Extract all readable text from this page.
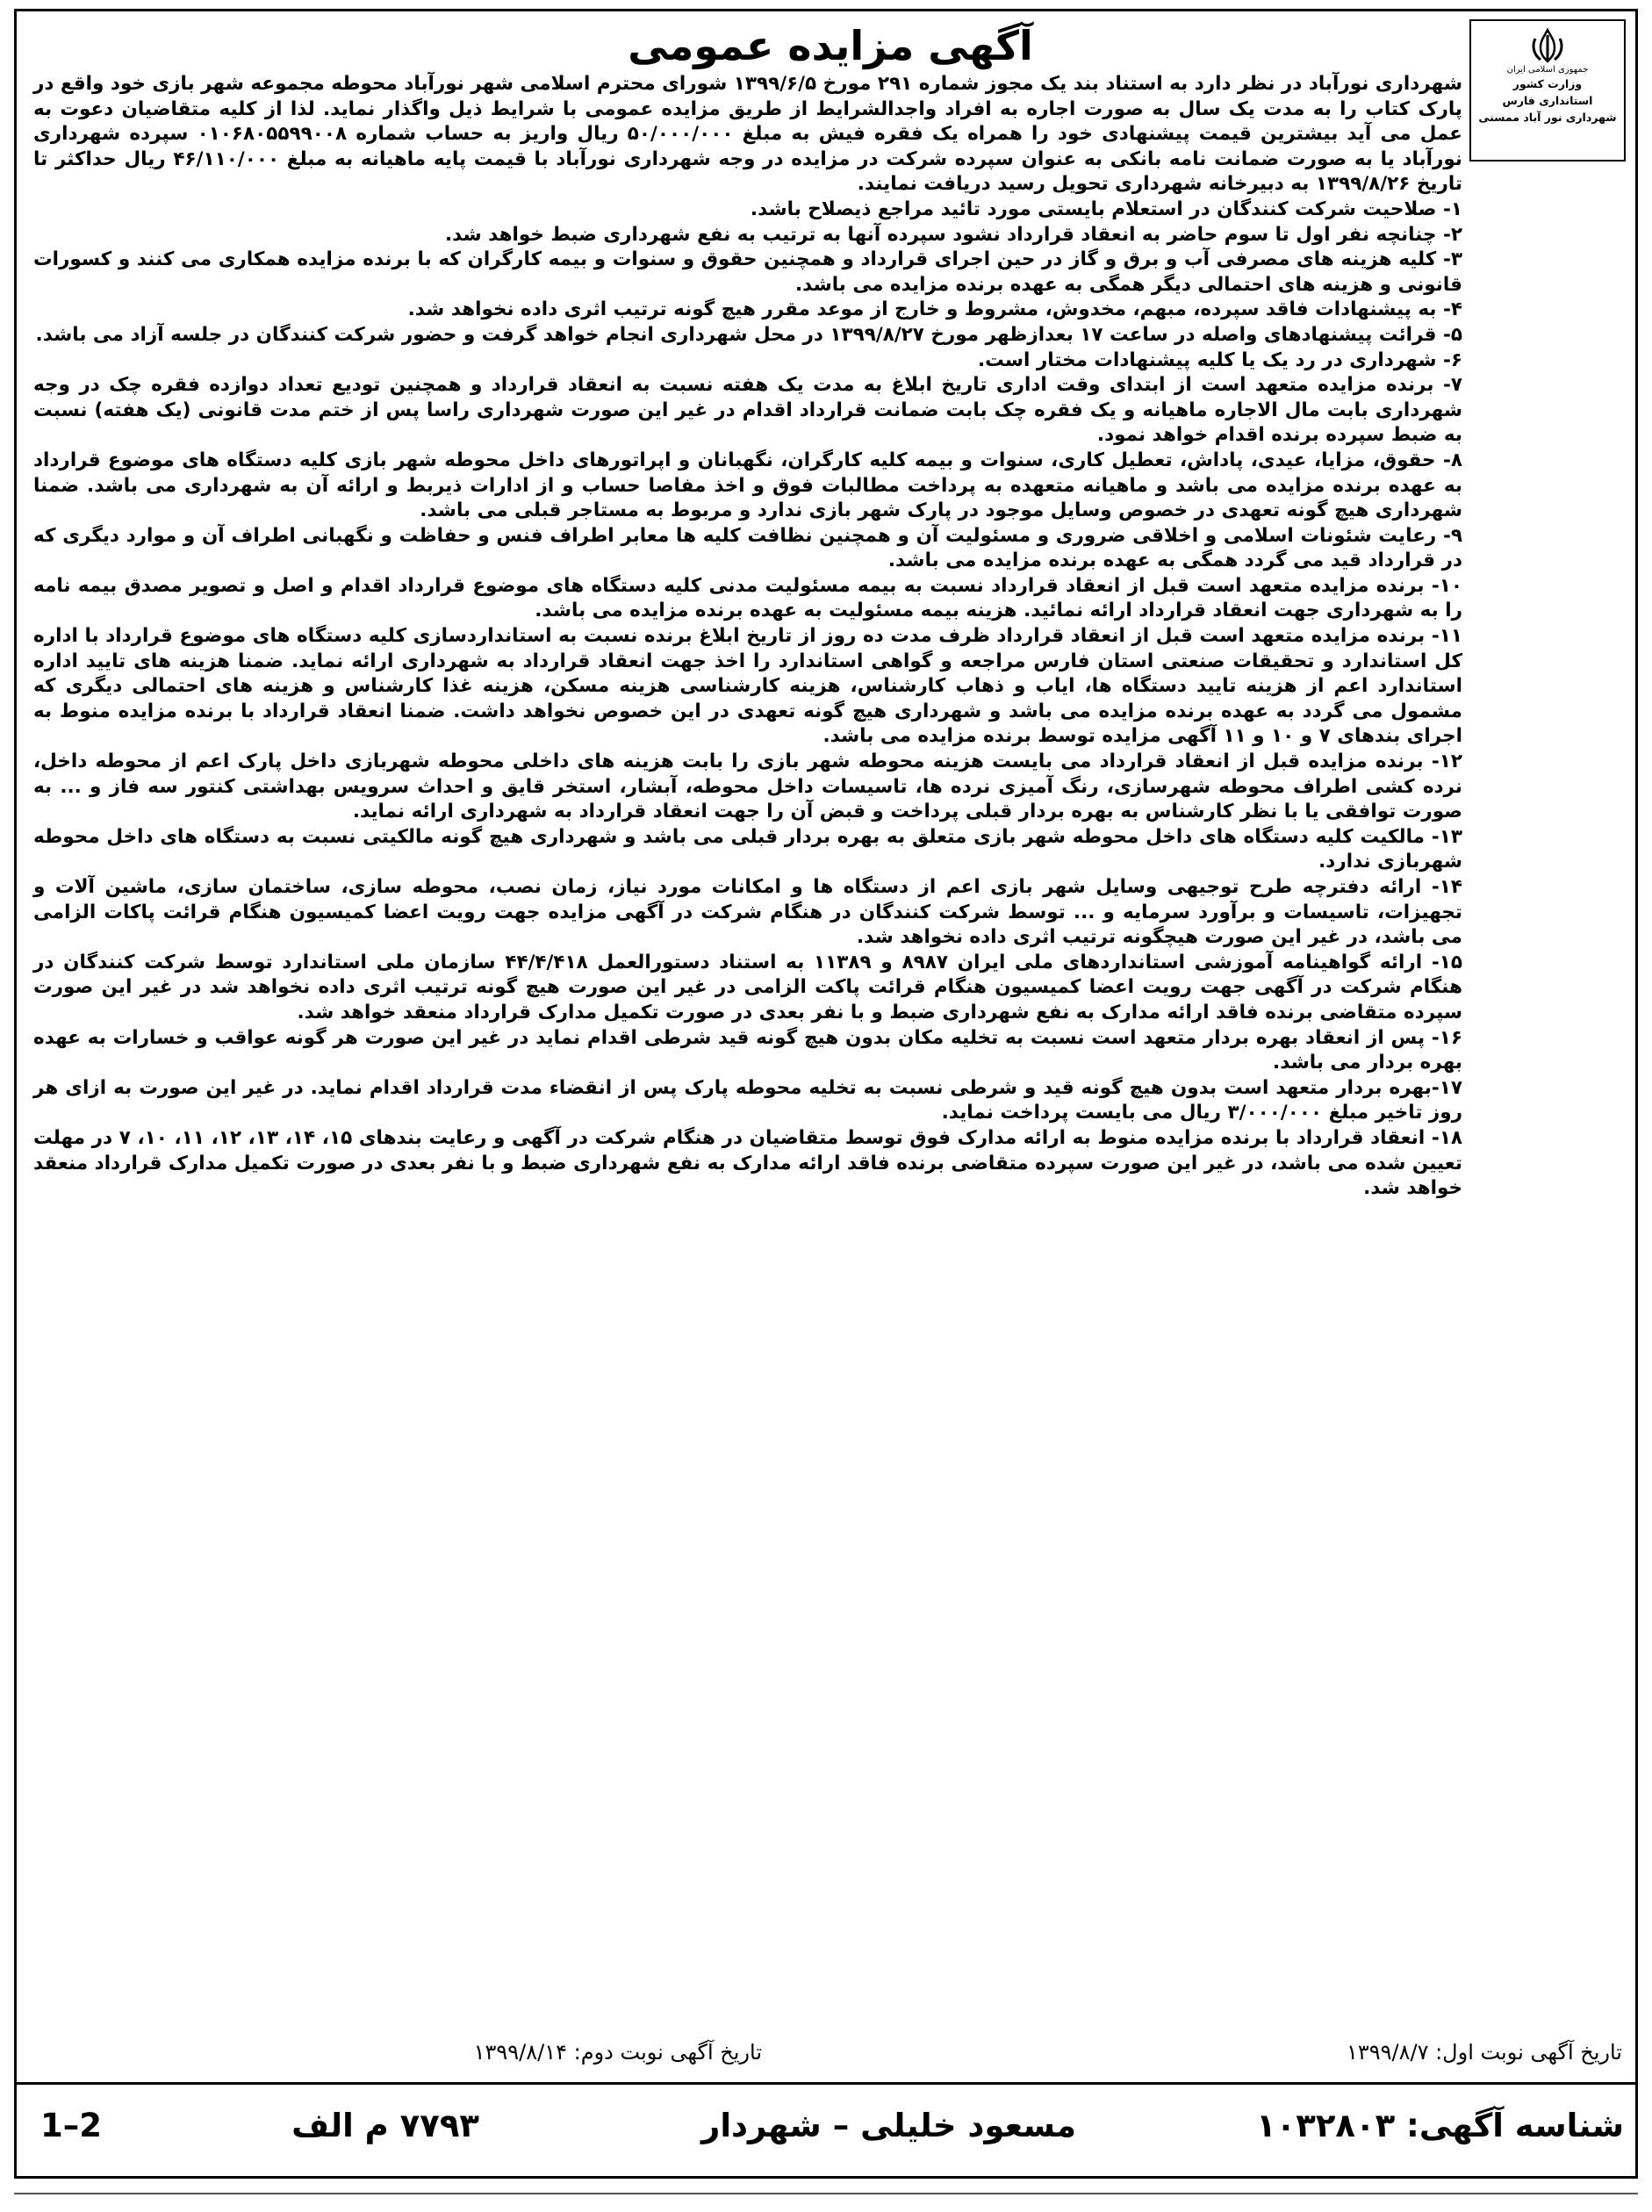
جمهوری اسلامی ایران
وزارت کشور
استانداری فارس
شهرداری نور آباد ممسنی
آگهی مزایده عمومی

شهرداری نورآباد در نظر دارد به استناد بند یک مجوز شماره ۲۹۱ مورخ ۱۳۹۹/۶/۵ شورای محترم اسلامی شهر نورآباد محوطه مجموعه شهر بازی خود واقع در پارک کتاب را به مدت یک سال به صورت اجاره به افراد واجدالشرایط از طریق مزایده عمومی با شرایط ذیل واگذار نماید. لذا از کلیه متقاضیان دعوت به عمل می آید بیشترین قیمت پیشنهادی خود را همراه یک فقره فیش به مبلغ ۵۰/۰۰۰/۰۰۰ ریال واریز به حساب شماره ۰۱۰۶۸۰۵۵۹۹۰۰۸ سپرده شهرداری نورآباد یا به صورت ضمانت نامه بانکی به عنوان سپرده شرکت در مزایده در وجه شهرداری نورآباد با قیمت پایه ماهیانه به مبلغ ۴۶/۱۱۰/۰۰۰ ریال حداکثر تا تاریخ ۱۳۹۹/۸/۲۶ به دبیرخانه شهرداری تحویل رسید دریافت نمایند.

۱- صلاحیت شرکت کنندگان در استعلام بایستی مورد تائید مراجع ذیصلاح باشد.

۲- چنانچه نفر اول تا سوم حاضر به انعقاد قرارداد نشود سپرده آنها به ترتیب به نفع شهرداری ضبط خواهد شد.

۳- کلیه هزینه های مصرفی آب و برق و گاز در حین اجرای قرارداد و همچنین حقوق و سنوات و بیمه کارگران که با برنده مزایده همکاری می کنند و کسورات قانونی و هزینه های احتمالی دیگر همگی به عهده برنده مزایده می باشد.

۴- به پیشنهادات فاقد سپرده، مبهم، مخدوش، مشروط و خارج از موعد مقرر هیچ گونه ترتیب اثری داده نخواهد شد.

۵- قرائت پیشنهادهای واصله در ساعت ۱۷ بعدازظهر مورخ ۱۳۹۹/۸/۲۷ در محل شهرداری انجام خواهد گرفت و حضور شرکت کنندگان در جلسه آزاد می باشد.

۶- شهرداری در رد یک یا کلیه پیشنهادات مختار است.

۷- برنده مزایده متعهد است از ابتدای وقت اداری تاریخ ابلاغ به مدت یک هفته نسبت به انعقاد قرارداد و همچنین تودیع تعداد دوازده فقره چک در وجه شهرداری بابت مال الاجاره ماهیانه و یک فقره چک بابت ضمانت قرارداد اقدام در غیر این صورت شهرداری راسا پس از ختم مدت قانونی (یک هفته) نسبت به ضبط سپرده برنده اقدام خواهد نمود.

۸- حقوق، مزایا، عیدی، پاداش، تعطیل کاری، سنوات و بیمه کلیه کارگران، نگهبانان و اپراتورهای داخل محوطه شهر بازی کلیه دستگاه های موضوع قرارداد به عهده برنده مزایده می باشد و ماهیانه متعهده به پرداخت مطالبات فوق و اخذ مفاصا حساب و از ادارات ذیربط و ارائه آن به شهرداری می باشد. ضمنا شهرداری هیچ گونه تعهدی در خصوص وسایل موجود در پارک شهر بازی ندارد و مربوط به مستاجر قبلی می باشد.

۹- رعایت شئونات اسلامی و اخلاقی ضروری و مسئولیت آن و همچنین نظافت کلیه ها معابر اطراف فنس و حفاظت و نگهبانی اطراف آن و موارد دیگری که در قرارداد قید می گردد همگی به عهده برنده مزایده می باشد.

۱۰- برنده مزایده متعهد است قبل از انعقاد قرارداد نسبت به بیمه مسئولیت مدنی کلیه دستگاه های موضوع قرارداد اقدام و اصل و تصویر مصدق بیمه نامه را به شهرداری جهت انعقاد قرارداد ارائه نمائید. هزینه بیمه مسئولیت به عهده برنده مزایده می باشد.

۱۱- برنده مزایده متعهد است قبل از انعقاد قرارداد ظرف مدت ده روز از تاریخ ابلاغ برنده نسبت به استانداردسازی کلیه دستگاه های موضوع قرارداد با اداره کل استاندارد و تحقیقات صنعتی استان فارس مراجعه و گواهی استاندارد را اخذ جهت انعقاد قرارداد به شهرداری ارائه نماید. ضمنا هزینه های تایید اداره استاندارد اعم از هزینه تایید دستگاه ها، ایاب و ذهاب کارشناس، هزینه کارشناسی هزینه مسکن، هزینه غذا کارشناس و هزینه های احتمالی دیگری که مشمول می گردد به عهده برنده مزایده می باشد و شهرداری هیچ گونه تعهدی در این خصوص نخواهد داشت. ضمنا انعقاد قرارداد با برنده مزایده منوط به اجرای بندهای ۷ و ۱۰ و ۱۱ آگهی مزایده توسط برنده مزایده می باشد.

۱۲- برنده مزایده قبل از انعقاد قرارداد می بایست هزینه محوطه شهر بازی را بابت هزینه های داخلی محوطه شهربازی داخل پارک اعم از محوطه داخل، نرده کشی اطراف محوطه شهرسازی، رنگ آمیزی نرده ها، تاسیسات داخل محوطه، آبشار، استخر قایق و احداث سرویس بهداشتی کنتور سه فاز و ... به صورت توافقی یا با نظر کارشناس به بهره بردار قبلی پرداخت و قبض آن را جهت انعقاد قرارداد به شهرداری ارائه نماید.

۱۳- مالکیت کلیه دستگاه های داخل محوطه شهر بازی متعلق به بهره بردار قبلی می باشد و شهرداری هیچ گونه مالکیتی نسبت به دستگاه های داخل محوطه شهربازی ندارد.

۱۴- ارائه دفترچه طرح توجیهی وسایل شهر بازی اعم از دستگاه ها و امکانات مورد نیاز، زمان نصب، محوطه سازی، ساختمان سازی، ماشین آلات و تجهیزات، تاسیسات و برآورد سرمایه و ... توسط شرکت کنندگان در هنگام شرکت در آگهی مزایده جهت رویت اعضا کمیسیون هنگام قرائت پاکات الزامی می باشد، در غیر این صورت هیچگونه ترتیب اثری داده نخواهد شد.

۱۵- ارائه گواهینامه آموزشی استانداردهای ملی ایران ۸۹۸۷ و ۱۱۳۸۹ به استناد دستورالعمل ۴۴/۴/۴۱۸ سازمان ملی استاندارد توسط شرکت کنندگان در هنگام شرکت در آگهی جهت رویت اعضا کمیسیون هنگام قرائت پاکت الزامی در غیر این صورت هیچ گونه ترتیب اثری داده نخواهد شد در غیر این صورت سپرده متقاضی برنده فاقد ارائه مدارک به نفع شهرداری ضبط و با نفر بعدی در صورت تکمیل مدارک قرارداد منعقد خواهد شد.

۱۶- پس از انعقاد بهره بردار متعهد است نسبت به تخلیه مکان بدون هیچ گونه قید شرطی اقدام نماید در غیر این صورت هر گونه عواقب و خسارات به عهده بهره بردار می باشد.

۱۷-بهره بردار متعهد است بدون هیچ گونه قید و شرطی نسبت به تخلیه محوطه پارک پس از انقضاء مدت قرارداد اقدام نماید. در غیر این صورت به ازای هر روز تاخیر مبلغ ۳/۰۰۰/۰۰۰ ریال می بایست پرداخت نماید.

۱۸- انعقاد قرارداد با برنده مزایده منوط به ارائه مدارک فوق توسط متقاضیان در هنگام شرکت در آگهی و رعایت بندهای ۱۵، ۱۴، ۱۳، ۱۲، ۱۱، ۱۰، ۷ در مهلت تعیین شده می باشد، در غیر این صورت سپرده متقاضی برنده فاقد ارائه مدارک به نفع شهرداری ضبط و با نفر بعدی در صورت تکمیل مدارک قرارداد منعقد خواهد شد.

تاریخ آگهی نوبت اول: ۱۳۹۹/۸/۷
تاریخ آگهی نوبت دوم: ۱۳۹۹/۸/۱۴
شناسه آگهی: ۱۰۳۲۸۰۳
مسعود خلیلی – شهردار
۷۷۹۳ م الف
1–2
